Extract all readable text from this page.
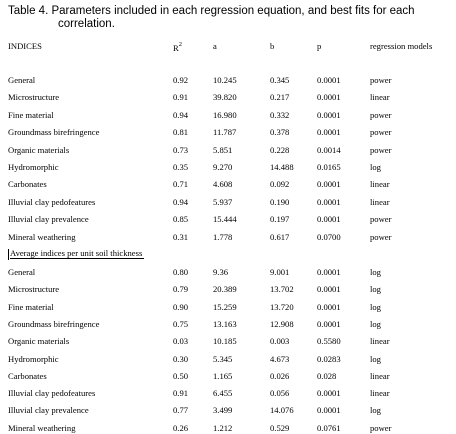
Table 4. Parameters included in each regression equation, and best fits for each
correlation.
INDICES	$R^2$	a	b	p	regression models
General	0.92	10.245	0.345	0.0001	power
Microstructure	0.91	39.820	0.217	0.0001	linear
Fine material	0.94	16.980	0.332	0.0001	power
Groundmass birefringence	0.81	11.787	0.378	0.0001	power
Organic materials	0.73	5.851	0.228	0.0014	power
Hydromorphic	0.35	9.270	14.488	0.0165	log
Carbonates	0.71	4.608	0.092	0.0001	linear
Illuvial clay pedofeatures	0.94	5.937	0.190	0.0001	linear
Illuvial clay prevalence	0.85	15.444	0.197	0.0001	power
Mineral weathering	0.31	1.778	0.617	0.0700	power
Average indices per unit soil thickness
General	0.80	9.36	9.001	0.0001	log
Microstructure	0.79	20.389	13.702	0.0001	log
Fine material	0.90	15.259	13.720	0.0001	log
Groundmass birefringence	0.75	13.163	12.908	0.0001	log
Organic materials	0.03	10.185	0.003	0.5580	linear
Hydromorphic	0.30	5.345	4.673	0.0283	log
Carbonates	0.50	1.165	0.026	0.028	linear
Illuvial clay pedofeatures	0.91	6.455	0.056	0.0001	linear
Illuvial clay prevalence	0.77	3.499	14.076	0.0001	log
Mineral weathering	0.26	1.212	0.529	0.0761	power
